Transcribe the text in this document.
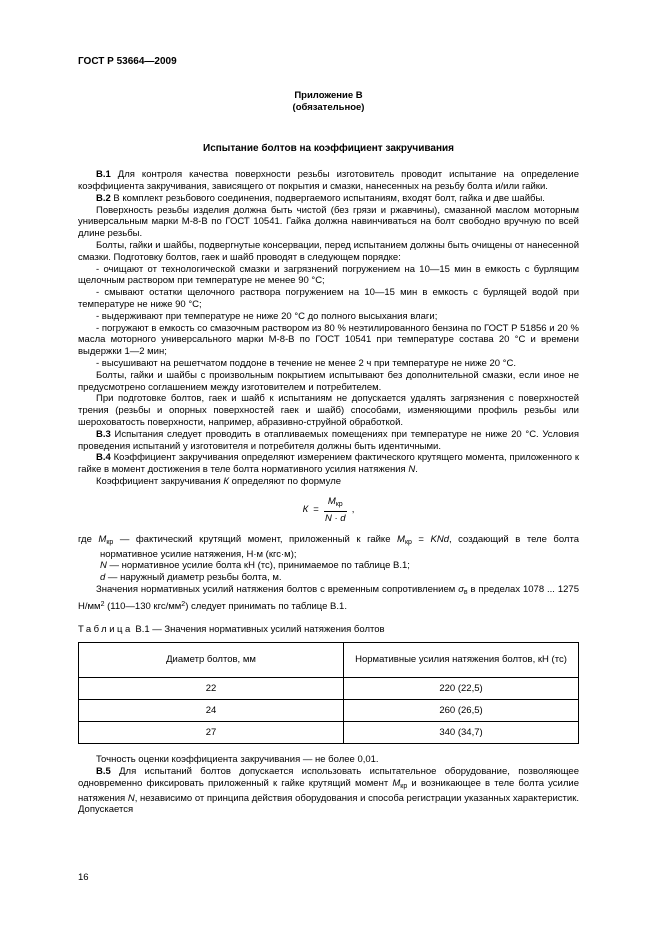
ГОСТ Р 53664—2009
Приложение В
(обязательное)
Испытание болтов на коэффициент закручивания

В.1 Для контроля качества поверхности резьбы изготовитель проводит испытание на определение коэффициента закручивания, зависящего от покрытия и смазки, нанесенных на резьбу болта и/или гайки.

В.2 В комплект резьбового соединения, подвергаемого испытаниям, входят болт, гайка и две шайбы.

Поверхность резьбы изделия должна быть чистой (без грязи и ржавчины), смазанной маслом моторным универсальным марки М-8-В по ГОСТ 10541. Гайка должна навинчиваться на болт свободно вручную по всей длине резьбы.

Болты, гайки и шайбы, подвергнутые консервации, перед испытанием должны быть очищены от нанесенной смазки. Подготовку болтов, гаек и шайб проводят в следующем порядке:

- очищают от технологической смазки и загрязнений погружением на 10—15 мин в емкость с бурлящим щелочным раствором при температуре не менее 90 °С;

- смывают остатки щелочного раствора погружением на 10—15 мин в емкость с бурлящей водой при температуре не ниже 90 °С;

- выдерживают при температуре не ниже 20 °С до полного высыхания влаги;

- погружают в емкость со смазочным раствором из 80 % неэтилированного бензина по ГОСТ Р 51856 и 20 % масла моторного универсального марки М-8-В по ГОСТ 10541 при температуре состава 20 °С и времени выдержки 1—2 мин;

- высушивают на решетчатом поддоне в течение не менее 2 ч при температуре не ниже 20 °С.

Болты, гайки и шайбы с произвольным покрытием испытывают без дополнительной смазки, если иное не предусмотрено соглашением между изготовителем и потребителем.

При подготовке болтов, гаек и шайб к испытаниям не допускается удалять загрязнения с поверхностей трения (резьбы и опорных поверхностей гаек и шайб) способами, изменяющими профиль резьбы или шероховатость поверхности, например, абразивно-струйной обработкой.

В.3 Испытания следует проводить в отапливаемых помещениях при температуре не ниже 20 °С. Условия проведения испытаний у изготовителя и потребителя должны быть идентичными.

В.4 Коэффициент закручивания определяют измерением фактического крутящего момента, приложенного к гайке в момент достижения в теле болта нормативного усилия натяжения N.

Коэффициент закручивания К определяют по формуле

$К = \frac{М_{кр}}{N \cdot d}$ ,

где $М_{кр}$ — фактический крутящий момент, приложенный к гайке $М_{кр}$ = KNd, создающий в теле болта нормативное усилие натяжения, Н·м (кгс·м);

N — нормативное усилие болта кН (тс), принимаемое по таблице В.1;

d — наружный диаметр резьбы болта, м.

Значения нормативных усилий натяжения болтов с временным сопротивлением $\sigma_в$ в пределах 1078 ... 1275 $Н/мм^2$ (110—130 кгс/$мм^2$) следует принимать по таблице В.1.

Таблица В.1 — Значения нормативных усилий натяжения болтов

Диаметр болтов, мм	Нормативные усилия натяжения болтов, кН (тс)
22	220 (22,5)
24	260 (26,5)
27	340 (34,7)

Точность оценки коэффициента закручивания — не более 0,01.

В.5 Для испытаний болтов допускается использовать испытательное оборудование, позволяющее одновременно фиксировать приложенный к гайке крутящий момент $М_{кр}$ и возникающее в теле болта усилие натяжения N, независимо от принципа действия оборудования и способа регистрации указанных характеристик. Допускается

16
